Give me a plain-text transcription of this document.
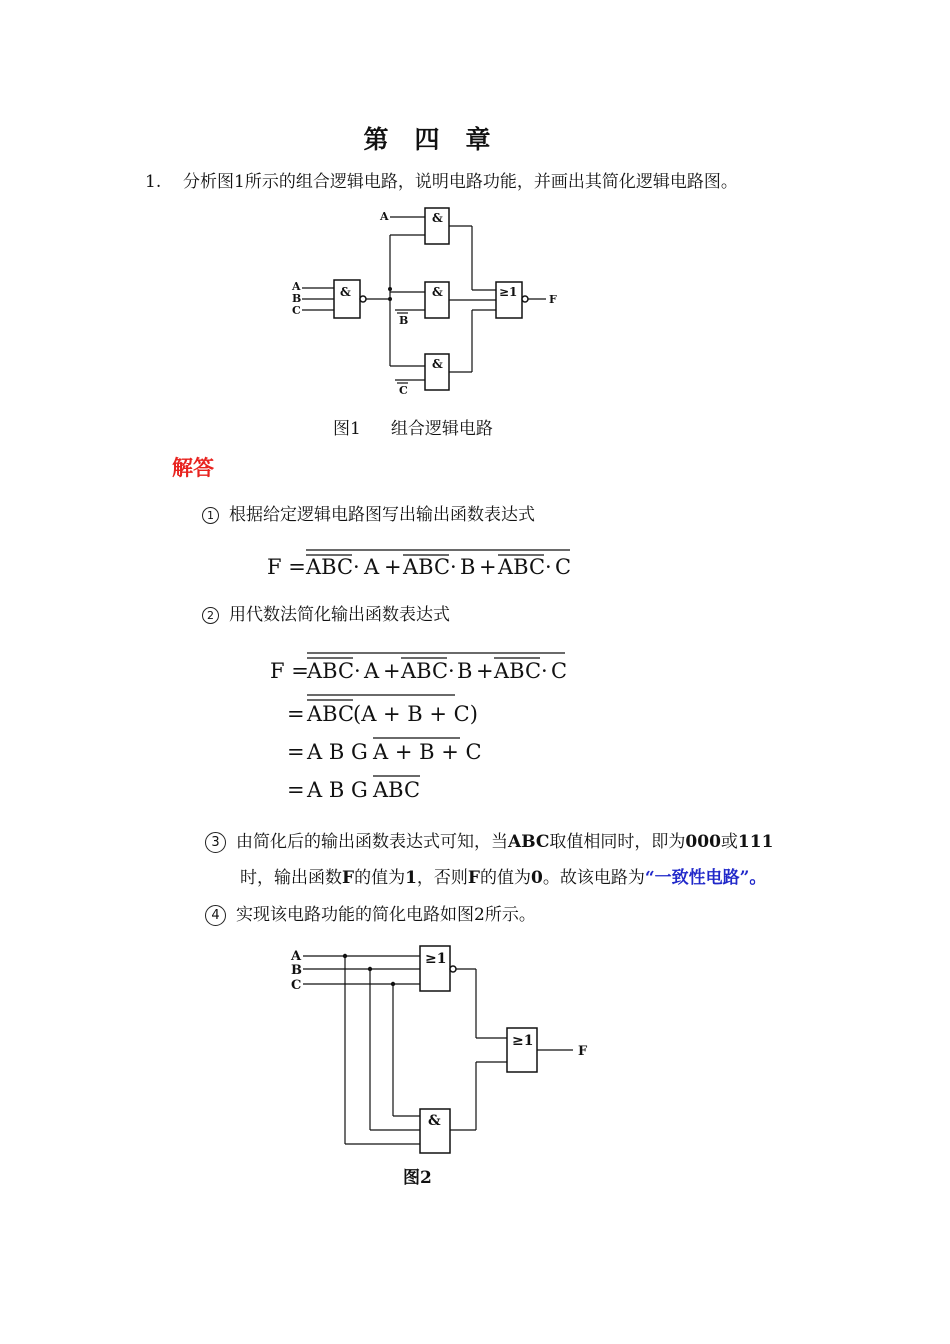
第四章
1. 分析图1所示的组合逻辑电路，说明电路功能，并画出其简化逻辑电路图。
A
B
C
A
B
C
F
&
&
&
&
≥1
图1 组合逻辑电路
解答
1 根据给定逻辑电路图写出输出函数表达式
F = ABC · A + ABC · B + ABC · C
2 用代数法简化输出函数表达式
F =
ABC · A + ABC · B + ABC · C
= ABC
(A + B + C)
= A B G A + B + C
= A B G ABC
3 由简化后的输出函数表达式可知，当ABC取值相同时，即为000或111
时，输出函数F的值为1，否则F的值为0。故该电路为“一致性电路”。
4 实现该电路功能的简化电路如图2所示。
A
B
C
F
≥1
≥1
&
图2
